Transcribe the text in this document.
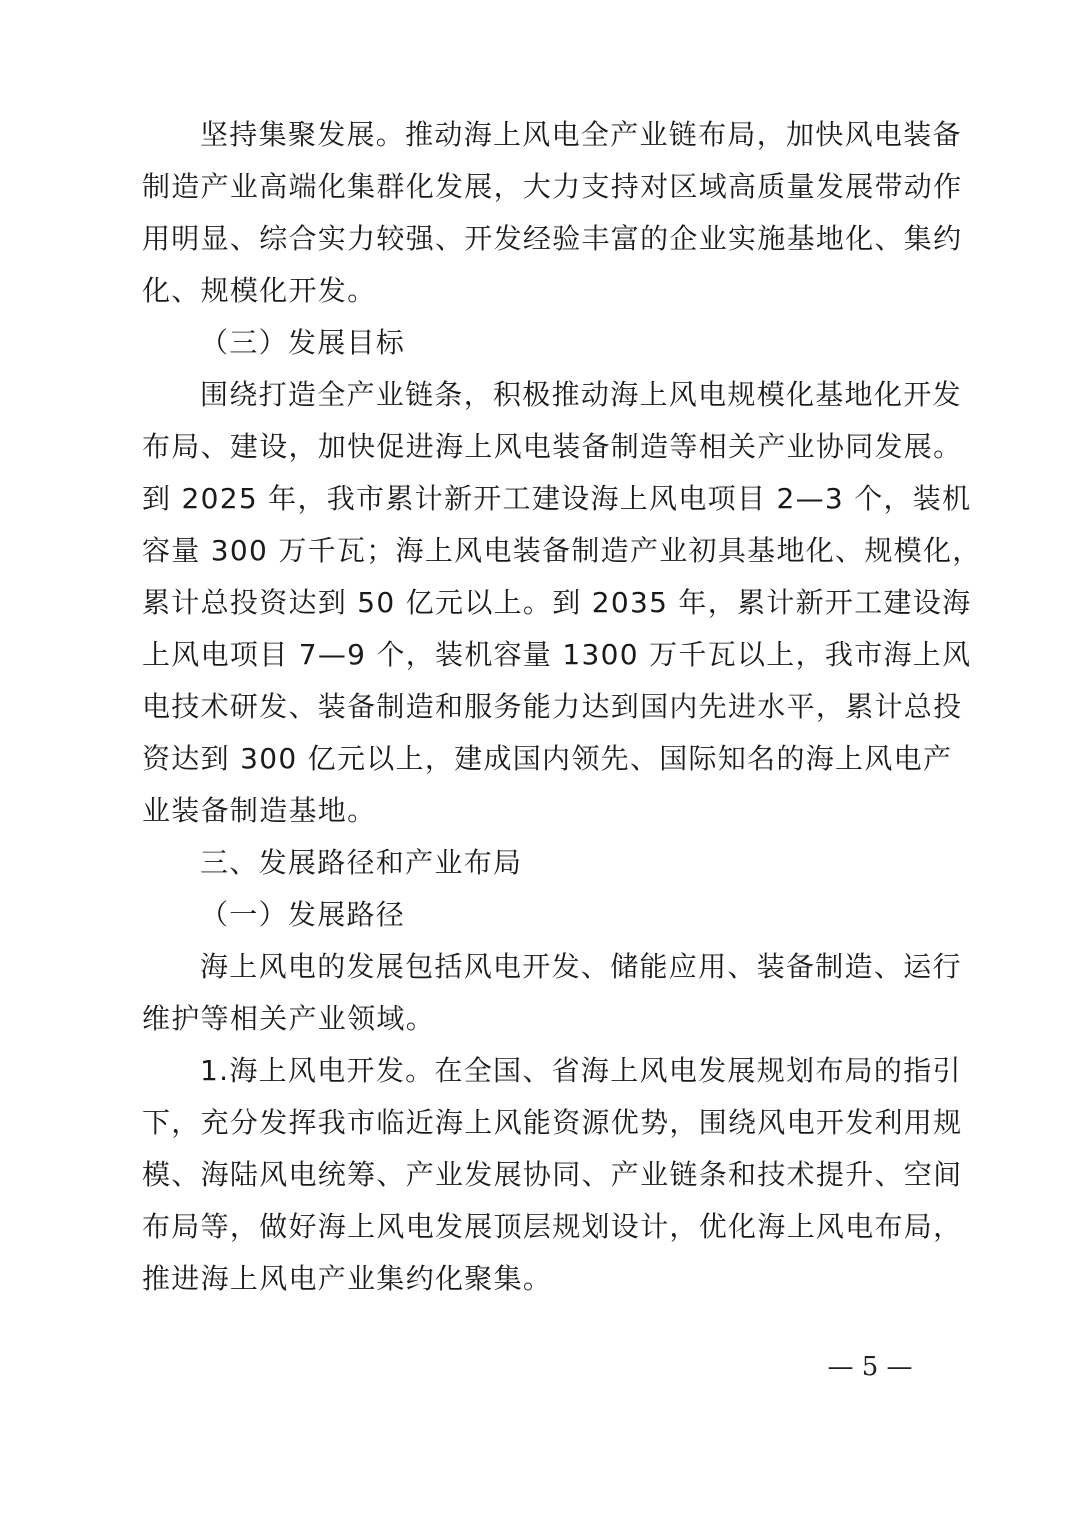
坚持集聚发展。推动海上风电全产业链布局，加快风电装备
制造产业高端化集群化发展，大力支持对区域高质量发展带动作
用明显、综合实力较强、开发经验丰富的企业实施基地化、集约
化、规模化开发。
（三）发展目标
围绕打造全产业链条，积极推动海上风电规模化基地化开发
布局、建设，加快促进海上风电装备制造等相关产业协同发展。
到 2025 年，我市累计新开工建设海上风电项目 2—3 个，装机
容量 300 万千瓦；海上风电装备制造产业初具基地化、规模化，
累计总投资达到 50 亿元以上。到 2035 年，累计新开工建设海
上风电项目 7—9 个，装机容量 1300 万千瓦以上，我市海上风
电技术研发、装备制造和服务能力达到国内先进水平，累计总投
资达到 300 亿元以上，建成国内领先、国际知名的海上风电产
业装备制造基地。
三、发展路径和产业布局
（一）发展路径
海上风电的发展包括风电开发、储能应用、装备制造、运行
维护等相关产业领域。
1.海上风电开发。在全国、省海上风电发展规划布局的指引
下，充分发挥我市临近海上风能资源优势，围绕风电开发利用规
模、海陆风电统筹、产业发展协同、产业链条和技术提升、空间
布局等，做好海上风电发展顶层规划设计，优化海上风电布局，
推进海上风电产业集约化聚集。
— 5 —
